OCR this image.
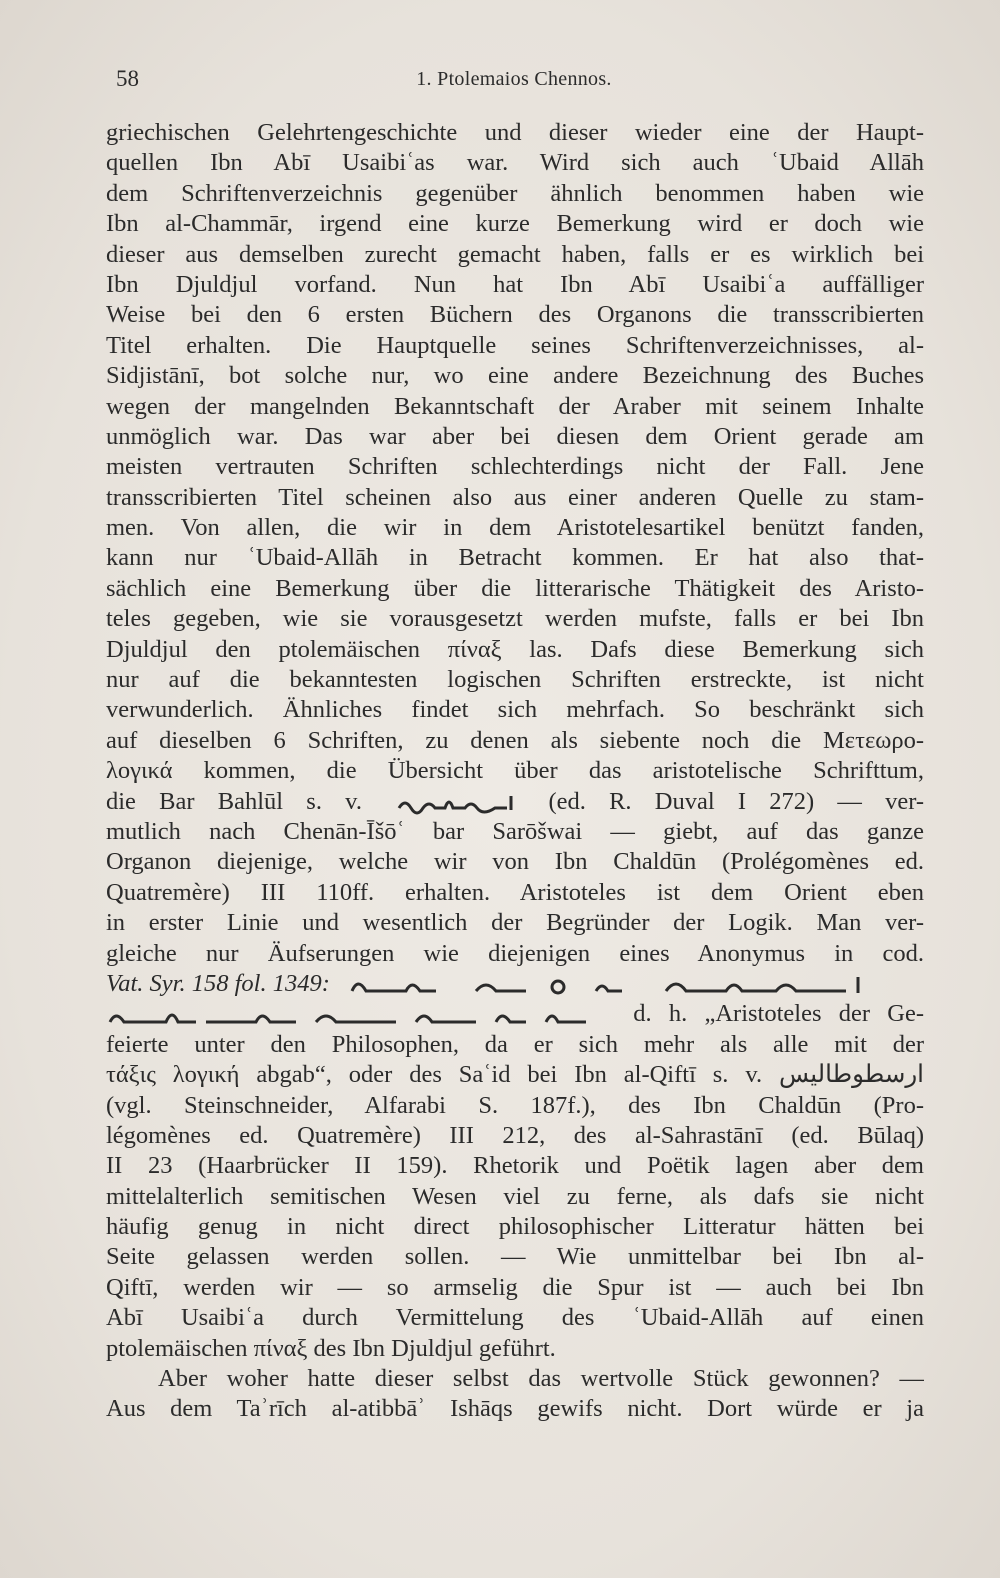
58	1. Ptolemaios Chennos.
griechischen Gelehrtengeschichte und dieser wieder eine der Haupt-
quellen Ibn Abī Usaibiʿas war. Wird sich auch ʿUbaid Allāh
dem Schriftenverzeichnis gegenüber ähnlich benommen haben wie
Ibn al-Chammār, irgend eine kurze Bemerkung wird er doch wie
dieser aus demselben zurecht gemacht haben, falls er es wirklich bei
Ibn Djuldjul vorfand. Nun hat Ibn Abī Usaibiʿa auffälliger
Weise bei den 6 ersten Büchern des Organons die transscribierten
Titel erhalten. Die Hauptquelle seines Schriftenverzeichnisses, al-
Sidjistānī, bot solche nur, wo eine andere Bezeichnung des Buches
wegen der mangelnden Bekanntschaft der Araber mit seinem Inhalte
unmöglich war. Das war aber bei diesen dem Orient gerade am
meisten vertrauten Schriften schlechterdings nicht der Fall. Jene
transscribierten Titel scheinen also aus einer anderen Quelle zu stam-
men. Von allen, die wir in dem Aristotelesartikel benützt fanden,
kann nur ʿUbaid-Allāh in Betracht kommen. Er hat also that-
sächlich eine Bemerkung über die litterarische Thätigkeit des Aristo-
teles gegeben, wie sie vorausgesetzt werden mufste, falls er bei Ibn
Djuldjul den ptolemäischen πίναξ las. Dafs diese Bemerkung sich
nur auf die bekanntesten logischen Schriften erstreckte, ist nicht
verwunderlich. Ähnliches findet sich mehrfach. So beschränkt sich
auf dieselben 6 Schriften, zu denen als siebente noch die Μετεωρο-
λογικά kommen, die Übersicht über das aristotelische Schrifttum,
die Bar Bahlūl s. v.	(ed. R. Duval I 272) — ver-
mutlich nach Chenān-Īšōʿ bar Sarōšwai — giebt, auf das ganze
Organon diejenige, welche wir von Ibn Chaldūn (Prolégomènes ed.
Quatremère) III 110ff. erhalten. Aristoteles ist dem Orient eben
in erster Linie und wesentlich der Begründer der Logik. Man ver-
gleiche nur Äufserungen wie diejenigen eines Anonymus in cod.
Vat. Syr. 158 fol. 1349:
d. h. „Aristoteles der Ge-
feierte unter den Philosophen, da er sich mehr als alle mit der
τάξις λογική abgab“, oder des Saʿid bei Ibn al-Qiftī s. v. ارسطوطاليس
(vgl. Steinschneider, Alfarabi S. 187f.), des Ibn Chaldūn (Pro-
légomènes ed. Quatremère) III 212, des al-Sahrastānī (ed. Būlaq)
II 23 (Haarbrücker II 159). Rhetorik und Poëtik lagen aber dem
mittelalterlich semitischen Wesen viel zu ferne, als dafs sie nicht
häufig genug in nicht direct philosophischer Litteratur hätten bei
Seite gelassen werden sollen. — Wie unmittelbar bei Ibn al-
Qiftī, werden wir — so armselig die Spur ist — auch bei Ibn
Abī Usaibiʿa durch Vermittelung des ʿUbaid-Allāh auf einen
ptolemäischen πίναξ des Ibn Djuldjul geführt.
Aber woher hatte dieser selbst das wertvolle Stück gewonnen? —
Aus dem Taʾrīch al-atibbāʾ Ishāqs gewifs nicht. Dort würde er ja
